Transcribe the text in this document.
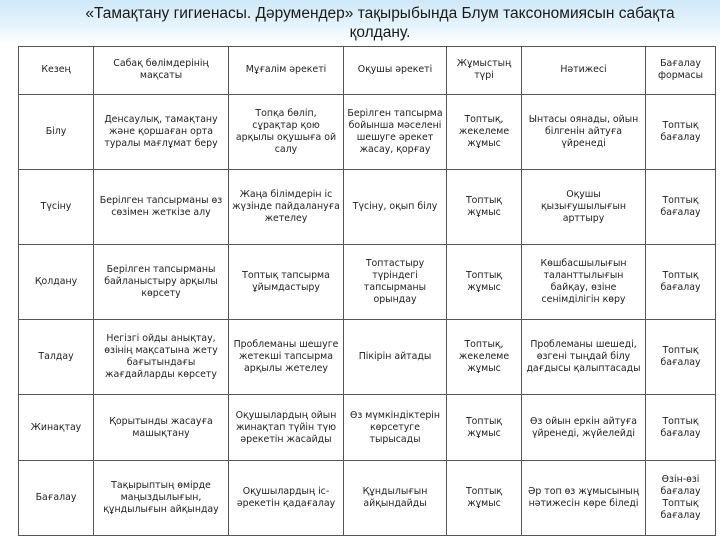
«Тамақтану гигиенасы. Дәрумендер» тақырыбында Блум таксономиясын сабақта қолдану.
Кезең	Сабақ бөлімдерінің мақсаты	Мұғалім әрекеті	Оқушы әрекеті	Жұмыстың түрі	Нәтижесі	Бағалау формасы
Білу	Денсаулық, тамақтану және қоршаған орта туралы мағлұмат беру	Топқа бөліп, сұрақтар қою арқылы оқушыға ой салу	Берілген тапсырма бойынша мәселені шешуге әрекет жасау, қорғау	Топтық, жекелеме жұмыс	Ынтасы оянады, ойын білгенін айтуға үйренеді	Топтық бағалау
Түсіну	Берілген тапсырманы өз сөзімен жеткізе алу	Жаңа білімдерін іс жүзінде пайдалануға жетелеу	Түсіну, оқып білу	Топтық жұмыс	Оқушы қызығушылығын арттыру	Топтық бағалау
Қолдану	Берілген тапсырманы байланыстыру арқылы көрсету	Топтық тапсырма ұйымдастыру	Топтастыру түріндегі тапсырманы орындау	Топтық жұмыс	Көшбасшылығын таланттылығын байқау, өзіне сенімділігін көру	Топтық бағалау
Талдау	Негізгі ойды анықтау, өзінің мақсатына жету бағытындағы жағдайларды көрсету	Проблеманы шешуге жетекші тапсырма арқылы жетелеу	Пікірін айтады	Топтық, жекелеме жұмыс	Проблеманы шешеді, өзгені тыңдай білу дағдысы қалыптасады	Топтық бағалау
Жинақтау	Қорытынды жасауға машықтану	Оқушылардың ойын жинақтап түйін түю әрекетін жасайды	Өз мүмкіндіктерін көрсетуге тырысады	Топтық жұмыс	Өз ойын еркін айтуға үйренеді, жүйелейді	Топтық бағалау
Бағалау	Тақырыптың өмірде маңыздылығын, құндылығын айқындау	Оқушылардың іс-әрекетін қадағалау	Құндылығын айқындайды	Топтық жұмыс	Әр топ өз жұмысының нәтижесін көре біледі	Өзін-өзі бағалау Топтық бағалау
